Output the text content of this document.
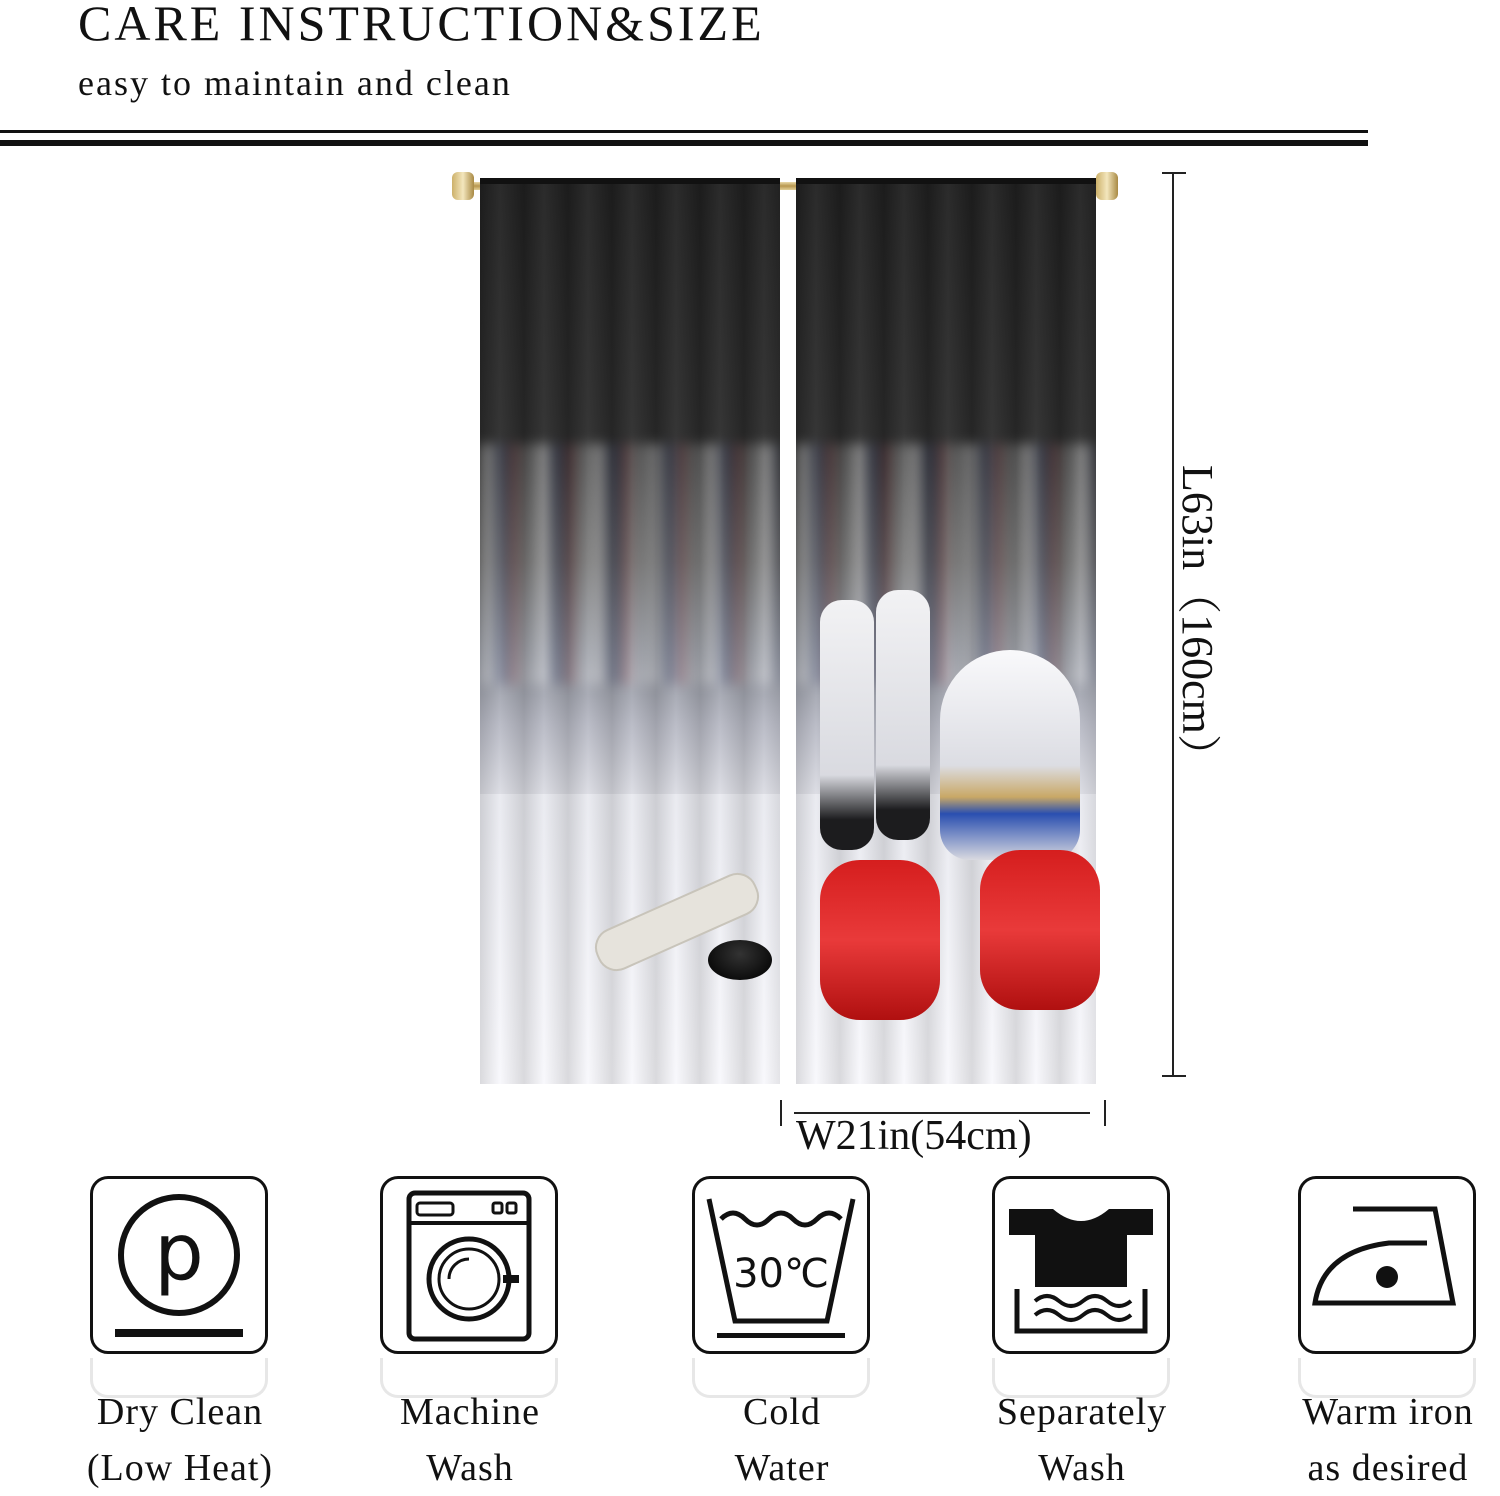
CARE INSTRUCTION&SIZE
easy to maintain and clean
L63in（160cm）
W21in(54cm)
p
Dry Clean
(Low Heat)
Machine
Wash
30℃
Cold
Water
Separately
Wash
Warm iron
as desired
